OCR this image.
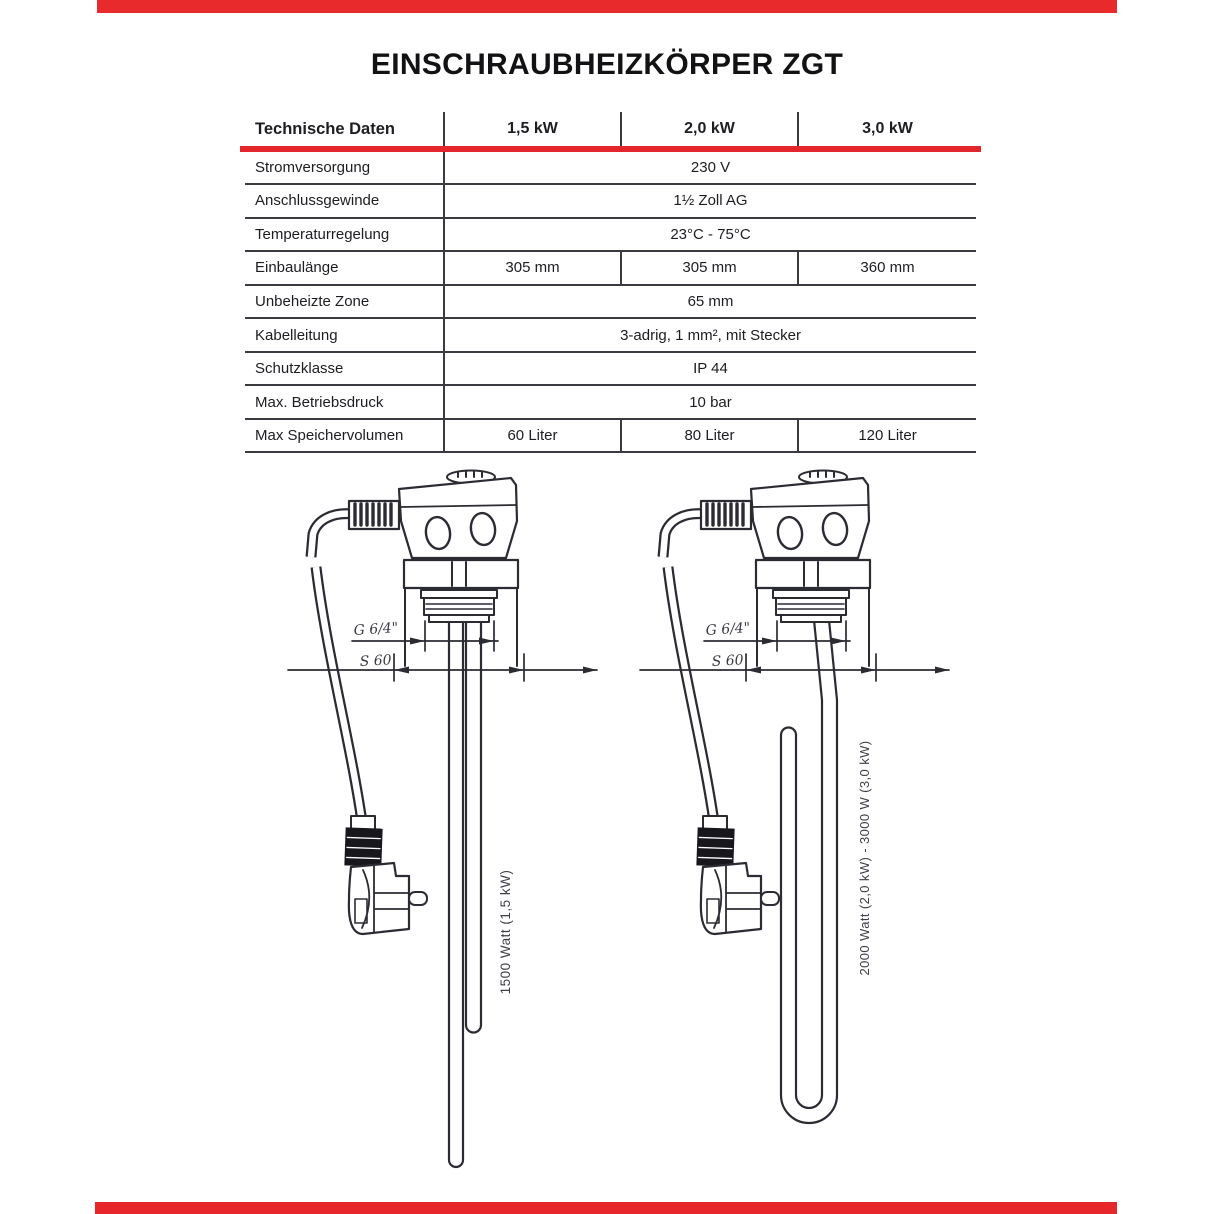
EINSCHRAUBHEIZKÖRPER ZGT
Technische Daten	1,5 kW	2,0 kW	3,0 kW
Stromversorgung	230 V
Anschlussgewinde	1½ Zoll AG
Temperaturregelung	23°C - 75°C
Einbaulänge	305 mm	305 mm	360 mm
Unbeheizte Zone	65 mm
Kabelleitung	3-adrig, 1 mm², mit Stecker
Schutzklasse	IP 44
Max. Betriebsdruck	10 bar
Max Speichervolumen	60 Liter	80 Liter	120 Liter
G 6/4"
S 60
G 6/4"
S 60
1500 Watt (1,5 kW)	2000 Watt (2,0 kW) - 3000 W (3,0 kW)
